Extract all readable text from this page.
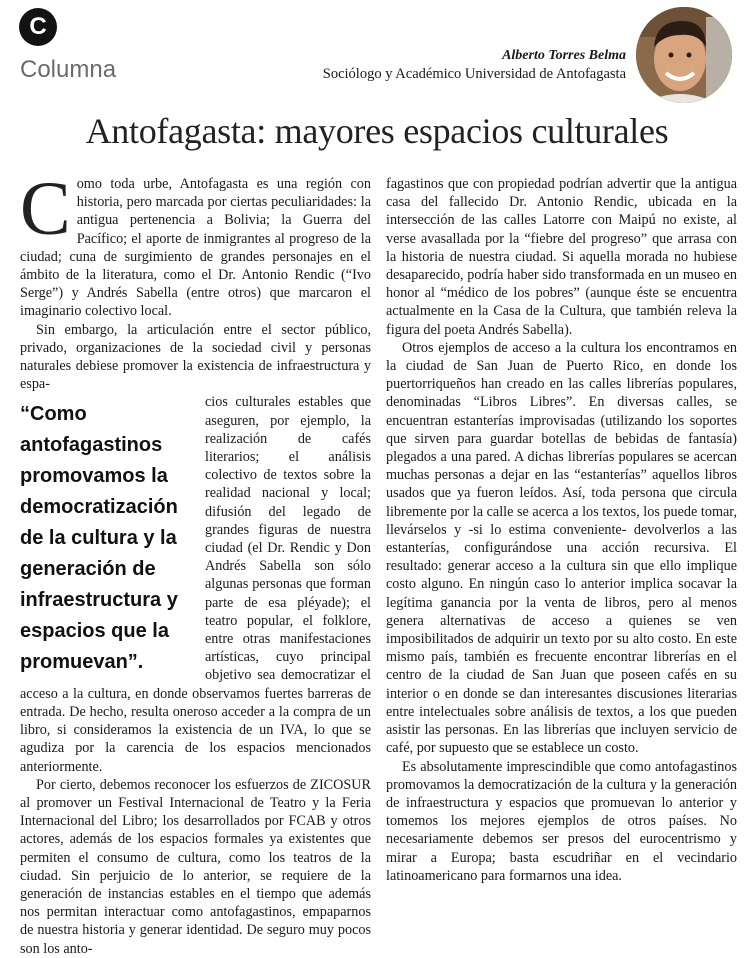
C
Columna
Alberto Torres Belma
Sociólogo y Académico Universidad de Antofagasta
Antofagasta: mayores espacios culturales

Como toda urbe, Antofagasta es una región con historia, pero marcada por ciertas peculiaridades: la antigua pertenencia a Bolivia; la Guerra del Pacífico; el aporte de inmigrantes al progreso de la ciudad; cuna de surgimiento de grandes personajes en el ámbito de la literatura, como el Dr. Antonio Rendic (“Ivo Serge”) y Andrés Sabella (entre otros) que marcaron el imaginario colectivo local.

Sin embargo, la articulación entre el sector público, privado, organizaciones de la sociedad civil y personas naturales debiese promover la existencia de infraestructura y espa-

“Como antofagastinos promovamos la democratización de la cultura y la generación de infraestructura y espacios que la promuevan”.

cios culturales estables que aseguren, por ejemplo, la realización de cafés literarios; el análisis colectivo de textos sobre la realidad nacional y local; difusión del legado de grandes figuras de nuestra ciudad (el Dr. Rendic y Don Andrés Sabella son sólo algunas personas que forman parte de esa pléyade); el teatro popular, el folklore, entre otras manifestaciones artísticas, cuyo principal objetivo sea democratizar el acceso a la cultura, en donde observamos fuertes barreras de entrada. De hecho, resulta oneroso acceder a la compra de un libro, si consideramos la existencia de un IVA, lo que se agudiza por la carencia de los espacios mencionados anteriormente.

Por cierto, debemos reconocer los esfuerzos de ZICOSUR al promover un Festival Internacional de Teatro y la Feria Internacional del Libro; los desarrollados por FCAB y otros actores, además de los espacios formales ya existentes que permiten el consumo de cultura, como los teatros de la ciudad. Sin perjuicio de lo anterior, se requiere de la generación de instancias estables en el tiempo que además nos permitan interactuar como antofagastinos, empaparnos de nuestra historia y generar identidad. De seguro muy pocos son los anto-

fagastinos que con propiedad podrían advertir que la antigua casa del fallecido Dr. Antonio Rendic, ubicada en la intersección de las calles Latorre con Maipú no existe, al verse avasallada por la “fiebre del progreso” que arrasa con la historia de nuestra ciudad. Si aquella morada no hubiese desaparecido, podría haber sido transformada en un museo en honor al “médico de los pobres” (aunque éste se encuentra actualmente en la Casa de la Cultura, que también releva la figura del poeta Andrés Sabella).

Otros ejemplos de acceso a la cultura los encontramos en la ciudad de San Juan de Puerto Rico, en donde los puertorriqueños han creado en las calles librerías populares, denominadas “Libros Libres”. En diversas calles, se encuentran estanterías improvisadas (utilizando los soportes que sirven para guardar botellas de bebidas de fantasía) plegados a una pared. A dichas librerías populares se acercan muchas personas a dejar en las “estanterías” aquellos libros usados que ya fueron leídos. Así, toda persona que circula libremente por la calle se acerca a los textos, los puede tomar, llevárselos y -si lo estima conveniente- devolverlos a las estanterías, configurándose una acción recursiva. El resultado: generar acceso a la cultura sin que ello implique costo alguno. En ningún caso lo anterior implica socavar la legítima ganancia por la venta de libros, pero al menos genera alternativas de acceso a quienes se ven imposibilitados de adquirir un texto por su alto costo. En este mismo país, también es frecuente encontrar librerías en el centro de la ciudad de San Juan que poseen cafés en su interior o en donde se dan interesantes discusiones literarias entre intelectuales sobre análisis de textos, a los que pueden asistir las personas. En las librerías que incluyen servicio de café, por supuesto que se establece un costo.

Es absolutamente imprescindible que como antofagastinos promovamos la democratización de la cultura y la generación de infraestructura y espacios que promuevan lo anterior y tomemos los mejores ejemplos de otros países. No necesariamente debemos ser presos del eurocentrismo y mirar a Europa; basta escudriñar en el vecindario latinoamericano para formarnos una idea.
